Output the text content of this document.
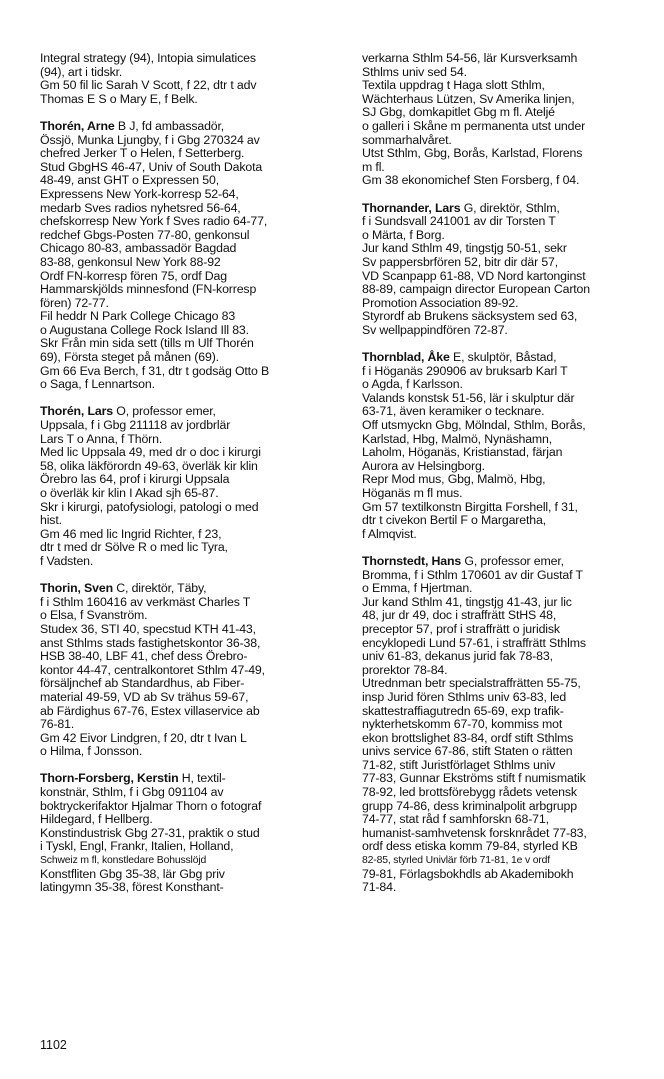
Integral strategy (94), Intopia simulatices
(94), art i tidskr.
Gm 50 fil lic Sarah V Scott, f 22, dtr t adv
Thomas E S o Mary E, f Belk.
Thorén, Arne B J, fd ambassadör,
Össjö, Munka Ljungby, f i Gbg 270324 av
chefred Jerker T o Helen, f Setterberg.
Stud GbgHS 46-47, Univ of South Dakota
48-49, anst GHT o Expressen 50,
Expressens New York-korresp 52-64,
medarb Sves radios nyhetsred 56-64,
chefskorresp New York f Sves radio 64-77,
redchef Gbgs-Posten 77-80, genkonsul
Chicago 80-83, ambassadör Bagdad
83-88, genkonsul New York 88-92
Ordf FN-korresp fören 75, ordf Dag
Hammarskjölds minnesfond (FN-korresp
fören) 72-77.
Fil heddr N Park College Chicago 83
o Augustana College Rock Island Ill 83.
Skr Från min sida sett (tills m Ulf Thorén
69), Första steget på månen (69).
Gm 66 Eva Berch, f 31, dtr t godsäg Otto B
o Saga, f Lennartson.
Thorén, Lars O, professor emer,
Uppsala, f i Gbg 211118 av jordbrlär
Lars T o Anna, f Thörn.
Med lic Uppsala 49, med dr o doc i kirurgi
58, olika läkförordn 49-63, överläk kir klin
Örebro las 64, prof i kirurgi Uppsala
o överläk kir klin I Akad sjh 65-87.
Skr i kirurgi, patofysiologi, patologi o med
hist.
Gm 46 med lic Ingrid Richter, f 23,
dtr t med dr Sölve R o med lic Tyra,
f Vadsten.
Thorin, Sven C, direktör, Täby,
f i Sthlm 160416 av verkmäst Charles T
o Elsa, f Svanström.
Studex 36, STI 40, specstud KTH 41-43,
anst Sthlms stads fastighetskontor 36-38,
HSB 38-40, LBF 41, chef dess Örebro-
kontor 44-47, centralkontoret Sthlm 47-49,
försäljnchef ab Standardhus, ab Fiber-
material 49-59, VD ab Sv trähus 59-67,
ab Färdighus 67-76, Estex villaservice ab
76-81.
Gm 42 Eivor Lindgren, f 20, dtr t Ivan L
o Hilma, f Jonsson.
Thorn-Forsberg, Kerstin H, textil-
konstnär, Sthlm, f i Gbg 091104 av
boktryckerifaktor Hjalmar Thorn o fotograf
Hildegard, f Hellberg.
Konstindustrisk Gbg 27-31, praktik o stud
i Tyskl, Engl, Frankr, Italien, Holland,
Schweiz m fl, konstledare Bohusslöjd
Konstfliten Gbg 35-38, lär Gbg priv
latingymn 35-38, förest Konsthant-
verkarna Sthlm 54-56, lär Kursverksamh
Sthlms univ sed 54.
Textila uppdrag t Haga slott Sthlm,
Wächterhaus Lützen, Sv Amerika linjen,
SJ Gbg, domkapitlet Gbg m fl. Ateljé
o galleri i Skåne m permanenta utst under
sommarhalvåret.
Utst Sthlm, Gbg, Borås, Karlstad, Florens
m fl.
Gm 38 ekonomichef Sten Forsberg, f 04.
Thornander, Lars G, direktör, Sthlm,
f i Sundsvall 241001 av dir Torsten T
o Märta, f Borg.
Jur kand Sthlm 49, tingstjg 50-51, sekr
Sv pappersbrfören 52, bitr dir där 57,
VD Scanpapp 61-88, VD Nord kartonginst
88-89, campaign director European Carton
Promotion Association 89-92.
Styrordf ab Brukens säcksystem sed 63,
Sv wellpappindfören 72-87.
Thornblad, Åke E, skulptör, Båstad,
f i Höganäs 290906 av bruksarb Karl T
o Agda, f Karlsson.
Valands konstsk 51-56, lär i skulptur där
63-71, även keramiker o tecknare.
Off utsmyckn Gbg, Mölndal, Sthlm, Borås,
Karlstad, Hbg, Malmö, Nynäshamn,
Laholm, Höganäs, Kristianstad, färjan
Aurora av Helsingborg.
Repr Mod mus, Gbg, Malmö, Hbg,
Höganäs m fl mus.
Gm 57 textilkonstn Birgitta Forshell, f 31,
dtr t civekon Bertil F o Margaretha,
f Almqvist.
Thornstedt, Hans G, professor emer,
Bromma, f i Sthlm 170601 av dir Gustaf T
o Emma, f Hjertman.
Jur kand Sthlm 41, tingstjg 41-43, jur lic
48, jur dr 49, doc i straffrätt StHS 48,
preceptor 57, prof i straffrätt o juridisk
encyklopedi Lund 57-61, i straffrätt Sthlms
univ 61-83, dekanus jurid fak 78-83,
prorektor 78-84.
Utrednman betr specialstraffrätten 55-75,
insp Jurid fören Sthlms univ 63-83, led
skattestraffiagutredn 65-69, exp trafik-
nykterhetskomm 67-70, kommiss mot
ekon brottslighet 83-84, ordf stift Sthlms
univs service 67-86, stift Staten o rätten
71-82, stift Juristförlaget Sthlms univ
77-83, Gunnar Ekströms stift f numismatik
78-92, led brottsförebygg rådets vetensk
grupp 74-86, dess kriminalpolit arbgrupp
74-77, stat råd f samhforskn 68-71,
humanist-samhvetensk forsknrådet 77-83,
ordf dess etiska komm 79-84, styrled KB
82-85, styrled Univlär förb 71-81, 1e v ordf
79-81, Förlagsbokhdls ab Akademibokh
71-84.
1102
